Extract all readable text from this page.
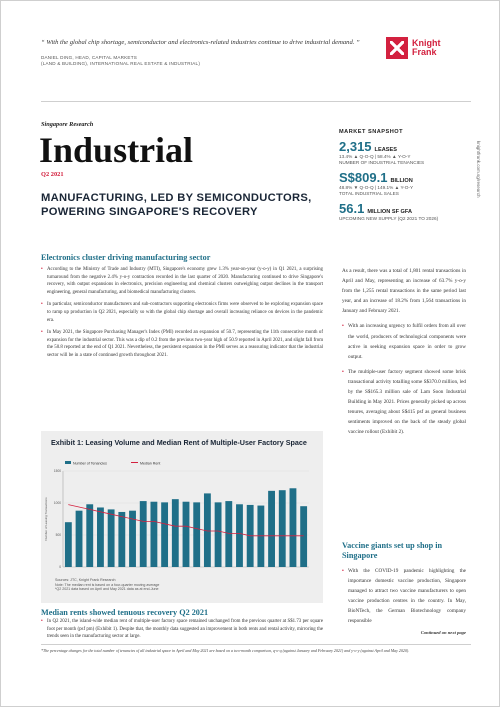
“ With the global chip shortage, semiconductor and electronics-related industries continue to drive industrial demand. ”
DANIEL DING, HEAD, CAPITAL MARKETS
(LAND & BUILDING), INTERNATIONAL REAL ESTATE & INDUSTRIAL)
Knight
Frank
Singapore Research
Industrial
Q2 2021
MANUFACTURING, LED BY SEMICONDUCTORS, POWERING SINGAPORE'S RECOVERY
MARKET SNAPSHOT
2,315 LEASES
13.4% ▲ Q-O-Q | 58.4% ▲ Y-O-Y
NUMBER OF INDUSTRIAL TENANCIES
S$809.1 BILLION
48.8% ▼ Q-O-Q | 149.1% ▲ Y-O-Y
TOTAL INDUSTRIAL SALES
56.1 MILLION SF GFA
UPCOMING NEW SUPPLY (Q2 2021 TO 2026)
knightfrank.com.sg/research
Electronics cluster driving manufacturing sector
• According to the Ministry of Trade and Industry (MTI), Singapore's economy grew 1.3% year-on-year (y-o-y) in Q1 2021, a surprising turnaround from the negative 2.4% y-o-y contraction recorded in the last quarter of 2020. Manufacturing continued to drive Singapore's recovery, with output expansions in electronics, precision engineering and chemical clusters outweighing output declines in the transport engineering, general manufacturing, and biomedical manufacturing clusters.
• In particular, semiconductor manufacturers and sub-contractors supporting electronics firms were observed to be exploring expansion space to ramp up production in Q2 2021, especially so with the global chip shortage and overall increasing reliance on devices in the pandemic era.
• In May 2021, the Singapore Purchasing Manager's Index (PMI) recorded an expansion of 50.7, representing the 11th consecutive month of expansion for the industrial sector. This was a dip of 0.2 from the previous two-year high of 50.9 reported in April 2021, and slight fall from the 50.8 reported at the end of Q1 2021. Nevertheless, the persistent expansion in the PMI serves as a reassuring indicator that the industrial sector will be in a state of continued growth throughout 2021.
Exhibit 1: Leasing Volume and Median Rent of Multiple-User Factory Space
Number of Tenancies	Median Rent
0
500
1000
1500
Number of Leasing Transactions
Sources: JTC, Knight Frank Research
Note: The median rent is based on a four-quarter moving average
*Q2 2021 data based on April and May 2021 data as at end-June
Median rents showed tenuous recovery Q2 2021
• In Q2 2021, the island-wide median rent of multiple-user factory space remained unchanged from the previous quarter at S$1.73 per square foot per month (psf pm) (Exhibit 1). Despite that, the monthly data suggested an improvement in both rents and rental activity, mirroring the trends seen in the manufacturing sector at large.
As a result, there was a total of 1,801 rental transactions in April and May, representing an increase of 63.7% y-o-y from the 1,255 rental transactions in the same period last year, and an increase of 18.2% from 1,564 transactions in January and February 2021.
• With an increasing urgency to fulfil orders from all over the world, producers of technological components were active in seeking expansion space in order to grow output.
• The multiple-user factory segment showed some brisk transactional activity totalling some S$370.0 million, led by the S$165.3 million sale of Lam Soon Industrial Building in May 2021. Prices generally picked up across tenures, averaging about S$415 psf as general business sentiments improved on the back of the steady global vaccine rollout (Exhibit 2).
Vaccine giants set up shop in Singapore
• With the COVID-19 pandemic highlighting the importance domestic vaccine production, Singapore managed to attract two vaccine manufacturers to open vaccine production centres in the country. In May, BioNTech, the German Biotechnology company responsible
Continued on next page
*The percentage changes for the total number of tenancies of all industrial space in April and May 2021 are based on a two-month comparison, q-o-q (against January and February 2021) and y-o-y (against April and May 2020).
